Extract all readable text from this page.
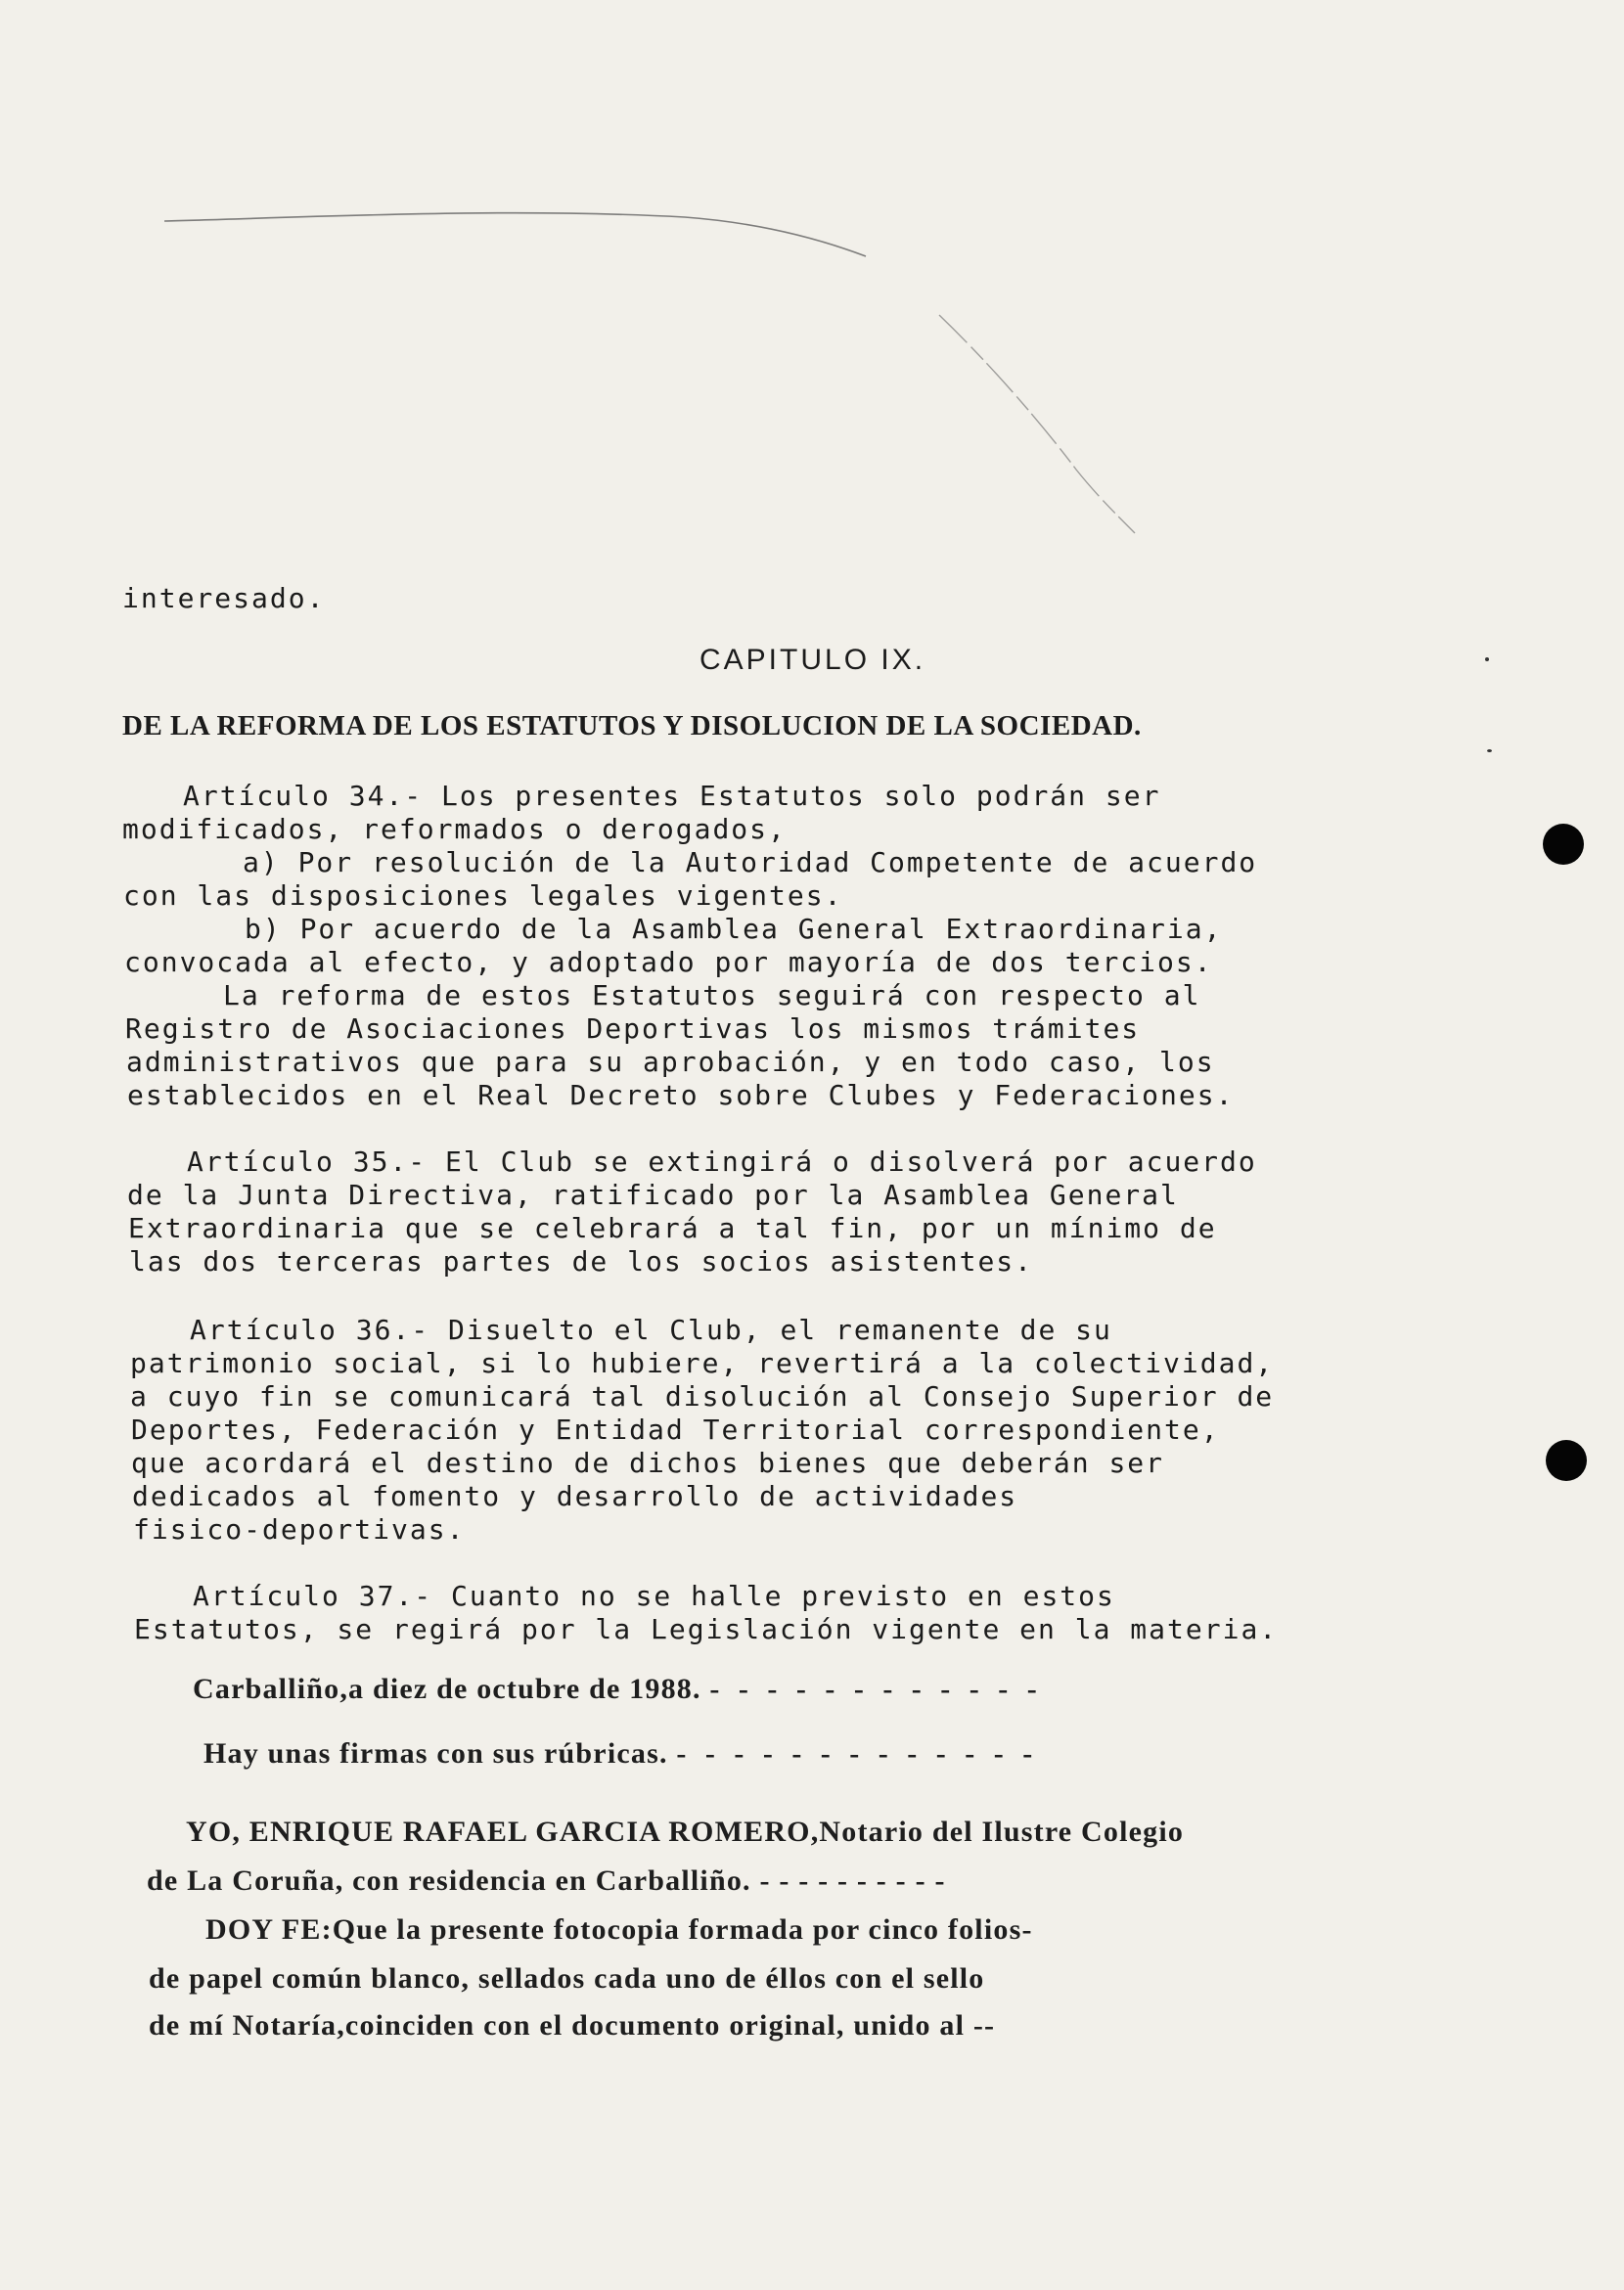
interesado.

CAPITULO IX.

DE LA REFORMA DE LOS ESTATUTOS Y DISOLUCION DE LA SOCIEDAD.

Artículo 34.- Los presentes Estatutos solo podrán ser

modificados, reformados o derogados,

a) Por resolución de la Autoridad Competente de acuerdo

con las disposiciones legales vigentes.

b) Por acuerdo de la Asamblea General Extraordinaria,

convocada al efecto, y adoptado por mayoría de dos tercios.

La reforma de estos Estatutos seguirá con respecto al

Registro de Asociaciones Deportivas los mismos trámites

administrativos que para su aprobación, y en todo caso, los

establecidos en el Real Decreto sobre Clubes y Federaciones.

Artículo 35.- El Club se extingirá o disolverá por acuerdo

de la Junta Directiva, ratificado por la Asamblea General

Extraordinaria que se celebrará a tal fin, por un mínimo de

las dos terceras partes de los socios asistentes.

Artículo 36.- Disuelto el Club, el remanente de su

patrimonio social, si lo hubiere, revertirá a la colectividad,

a cuyo fin se comunicará tal disolución al Consejo Superior de

Deportes, Federación y Entidad Territorial correspondiente,

que acordará el destino de dichos bienes que deberán ser

dedicados al fomento y desarrollo de actividades

fisico-deportivas.

Artículo 37.- Cuanto no se halle previsto en estos

Estatutos, se regirá por la Legislación vigente en la materia.

Carballiño,a diez de octubre de 1988. - - - - - - - - - - - -

Hay unas firmas con sus rúbricas. - - - - - - - - - - - - -

YO, ENRIQUE RAFAEL GARCIA ROMERO,Notario del Ilustre Colegio

de La Coruña, con residencia en Carballiño. - - - - - - - - - -

DOY FE:Que la presente fotocopia formada por cinco folios-

de papel común blanco, sellados cada uno de éllos con el sello

de mí Notaría,coinciden con el documento original, unido al --
